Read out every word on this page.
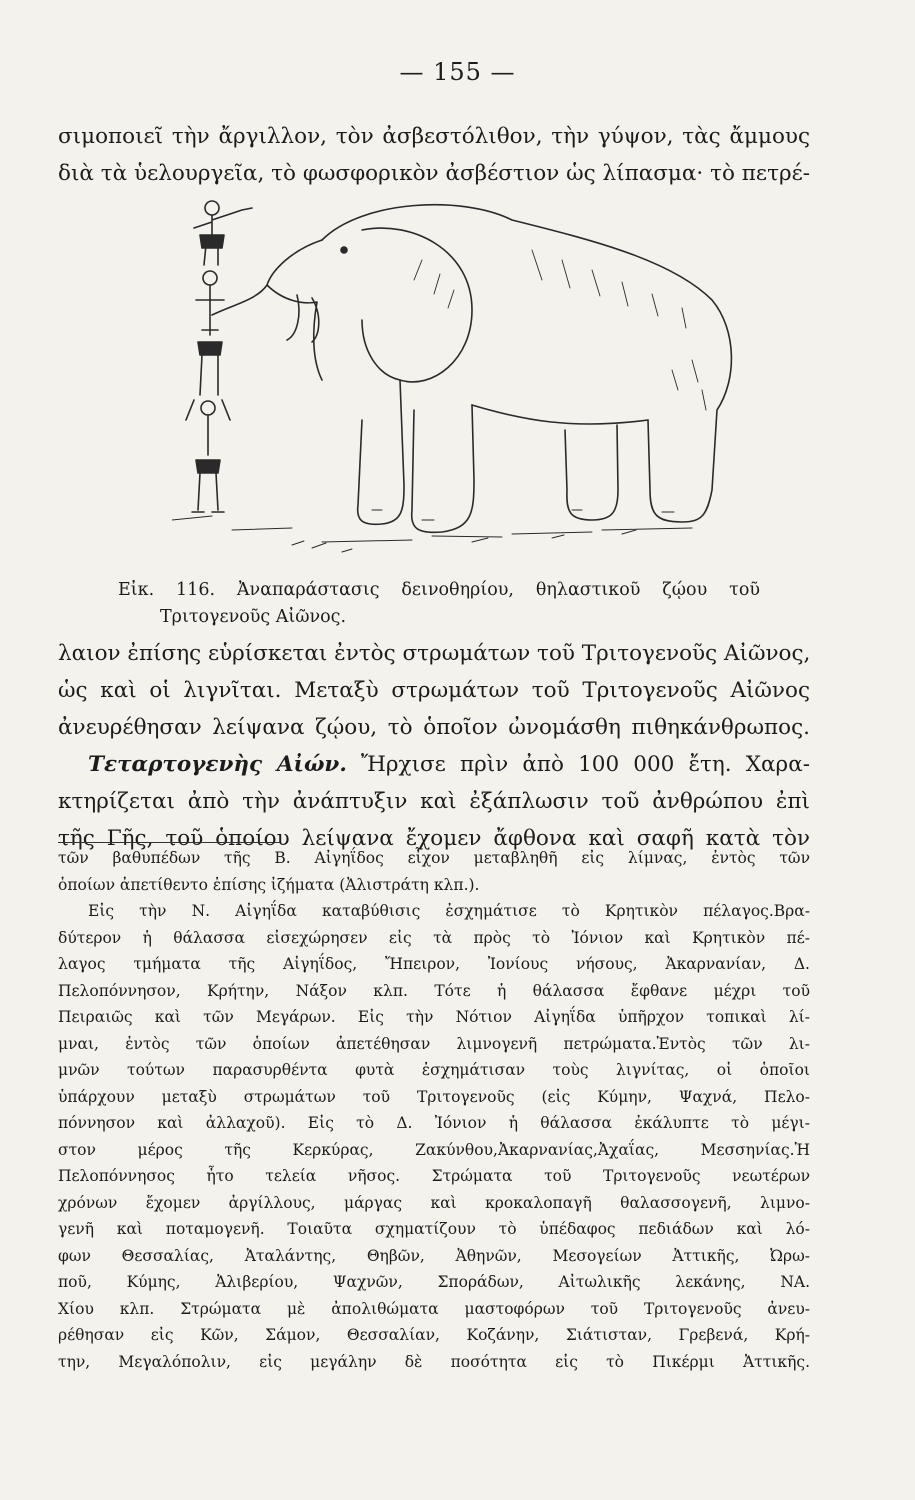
— 155 —
σιμοποιεῖ τὴν ἄργιλλον, τὸν ἀσβεστόλιθον, τὴν γύψον, τὰς ἄμμους
διὰ τὰ ὑελουργεῖα, τὸ φωσφορικὸν ἀσβέστιον ὡς λίπασμα· τὸ πετρέ-
Εἰκ. 116. Ἀναπαράστασις δεινοθηρίου, θηλαστικοῦ ζῴου τοῦ
Τριτογενοῦς Αἰῶνος.
λαιον ἐπίσης εὑρίσκεται ἐντὸς στρωμάτων τοῦ Τριτογενοῦς Αἰῶνος,
ὡς καὶ οἱ λιγνῖται. Μεταξὺ στρωμάτων τοῦ Τριτογενοῦς Αἰῶνος
ἀνευρέθησαν λείψανα ζῴου, τὸ ὁποῖον ὠνομάσθη πιθηκάνθρωπος.
Τεταρτογενὴς Αἰών. Ἤρχισε πρὶν ἀπὸ 100 000 ἔτη. Χαρα-
κτηρίζεται ἀπὸ τὴν ἀνάπτυξιν καὶ ἐξάπλωσιν τοῦ ἀνθρώπου ἐπὶ
τῆς Γῆς, τοῦ ὁποίου λείψανα ἔχομεν ἄφθονα καὶ σαφῆ κατὰ τὸν
τῶν βαθυπέδων τῆς Β. Αἰγηΐδος εἶχον μεταβληθῆ εἰς λίμνας, ἐντὸς τῶν
ὁποίων ἀπετίθεντο ἐπίσης ἰζήματα (Ἀλιστράτη κλπ.).
Εἰς τὴν Ν. Αἰγηΐδα καταβύθισις ἐσχημάτισε τὸ Κρητικὸν πέλαγος.Βρα-
δύτερον ἡ θάλασσα εἰσεχώρησεν εἰς τὰ πρὸς τὸ Ἰόνιον καὶ Κρητικὸν πέ-
λαγος τμήματα τῆς Αἰγηΐδος, Ἤπειρον, Ἰονίους νήσους, Ἀκαρνανίαν, Δ.
Πελοπόννησον, Κρήτην, Νάξον κλπ. Τότε ἡ θάλασσα ἔφθανε μέχρι τοῦ
Πειραιῶς καὶ τῶν Μεγάρων. Εἰς τὴν Νότιον Αἰγηΐδα ὑπῆρχον τοπικαὶ λί-
μναι, ἐντὸς τῶν ὁποίων ἀπετέθησαν λιμνογενῆ πετρώματα.Ἐντὸς τῶν λι-
μνῶν τούτων παρασυρθέντα φυτὰ ἐσχημάτισαν τοὺς λιγνίτας, οἱ ὁποῖοι
ὑπάρχουν μεταξὺ στρωμάτων τοῦ Τριτογενοῦς (εἰς Κύμην, Ψαχνά, Πελο-
πόννησον καὶ ἀλλαχοῦ). Εἰς τὸ Δ. Ἰόνιον ἡ θάλασσα ἐκάλυπτε τὸ μέγι-
στον μέρος τῆς Κερκύρας, Ζακύνθου,Ἀκαρνανίας,Ἀχαΐας, Μεσσηνίας.Ἡ
Πελοπόννησος ἦτο τελεία νῆσος. Στρώματα τοῦ Τριτογενοῦς νεωτέρων
χρόνων ἔχομεν ἀργίλλους, μάργας καὶ κροκαλοπαγῆ θαλασσογενῆ, λιμνο-
γενῆ καὶ ποταμογενῆ. Τοιαῦτα σχηματίζουν τὸ ὑπέδαφος πεδιάδων καὶ λό-
φων Θεσσαλίας, Ἀταλάντης, Θηβῶν, Ἀθηνῶν, Μεσογείων Ἀττικῆς, Ὠρω-
ποῦ, Κύμης, Ἀλιβερίου, Ψαχνῶν, Σποράδων, Αἰτωλικῆς λεκάνης, ΝΑ.
Χίου κλπ. Στρώματα μὲ ἀπολιθώματα μαστοφόρων τοῦ Τριτογενοῦς ἀνευ-
ρέθησαν εἰς Κῶν, Σάμον, Θεσσαλίαν, Κοζάνην, Σιάτισταν, Γρεβενά, Κρή-
την, Μεγαλόπολιν, εἰς μεγάλην δὲ ποσότητα εἰς τὸ Πικέρμι Ἀττικῆς.
